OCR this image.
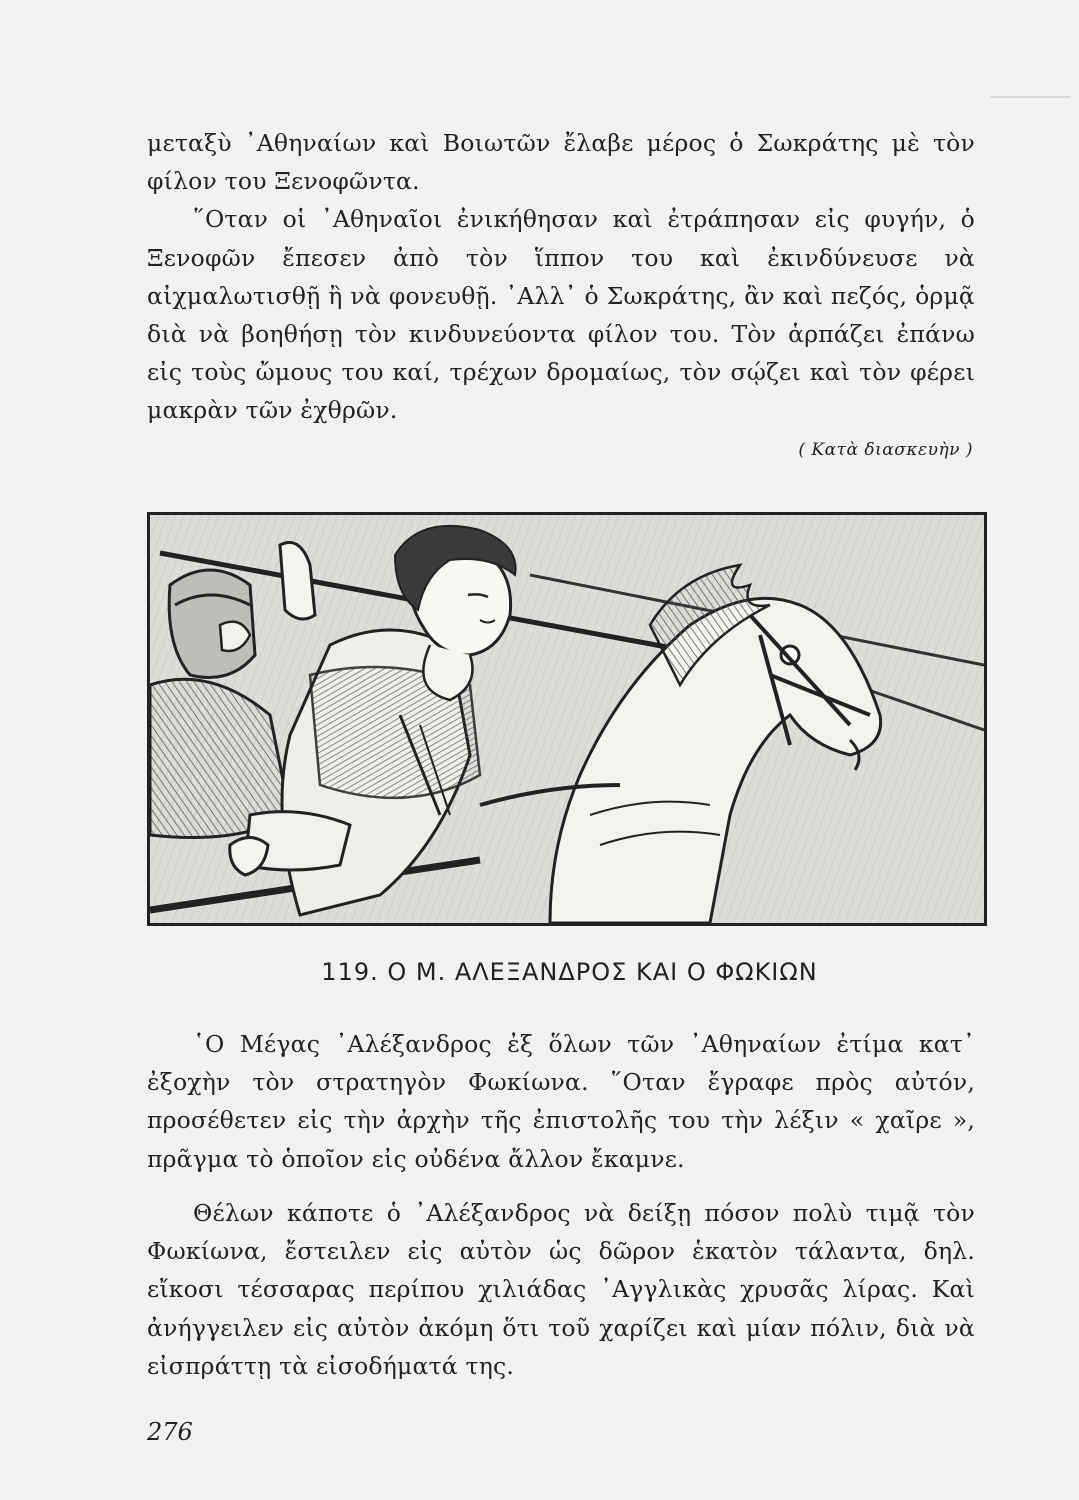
μεταξὺ ᾿Αθηναίων καὶ Βοιωτῶν ἔλαβε μέρος ὁ Σωκράτης μὲ τὸν φίλον του Ξενοφῶντα.

῞Οταν οἱ ᾿Αθηναῖοι ἐνικήθησαν καὶ ἐτράπησαν εἰς φυγήν, ὁ Ξενοφῶν ἔπεσεν ἀπὸ τὸν ἵππον του καὶ ἐκινδύνευσε νὰ αἰχμαλωτισθῇ ἢ νὰ φονευθῇ. ᾿Αλλ᾿ ὁ Σωκράτης, ἂν καὶ πεζός, ὁρμᾷ διὰ νὰ βοηθήσῃ τὸν κινδυνεύοντα φίλον του. Τὸν ἁρπάζει ἐπάνω εἰς τοὺς ὤμους του καί, τρέχων δρομαίως, τὸν σῴζει καὶ τὸν φέρει μακρὰν τῶν ἐχθρῶν.

( Κατὰ διασκευὴν )
119. Ο Μ. ΑΛΕΞΑΝΔΡΟΣ ΚΑΙ Ο ΦΩΚΙΩΝ

῾Ο Μέγας ᾿Αλέξανδρος ἐξ ὅλων τῶν ᾿Αθηναίων ἐτίμα κατ᾿ ἐξοχὴν τὸν στρατηγὸν Φωκίωνα. ῞Οταν ἔγραφε πρὸς αὐτόν, προσέθετεν εἰς τὴν ἀρχὴν τῆς ἐπιστολῆς του τὴν λέξιν « χαῖρε », πρᾶγμα τὸ ὁποῖον εἰς οὐδένα ἄλλον ἔκαμνε.

Θέλων κάποτε ὁ ᾿Αλέξανδρος νὰ δείξῃ πόσον πολὺ τιμᾷ τὸν Φωκίωνα, ἔστειλεν εἰς αὐτὸν ὡς δῶρον ἑκατὸν τάλαντα, δηλ. εἴκοσι τέσσαρας περίπου χιλιάδας ᾿Αγγλικὰς χρυσᾶς λίρας. Καὶ ἀνήγγειλεν εἰς αὐτὸν ἀκόμη ὅτι τοῦ χαρίζει καὶ μίαν πόλιν, διὰ νὰ εἰσπράττῃ τὰ εἰσοδήματά της.

276
